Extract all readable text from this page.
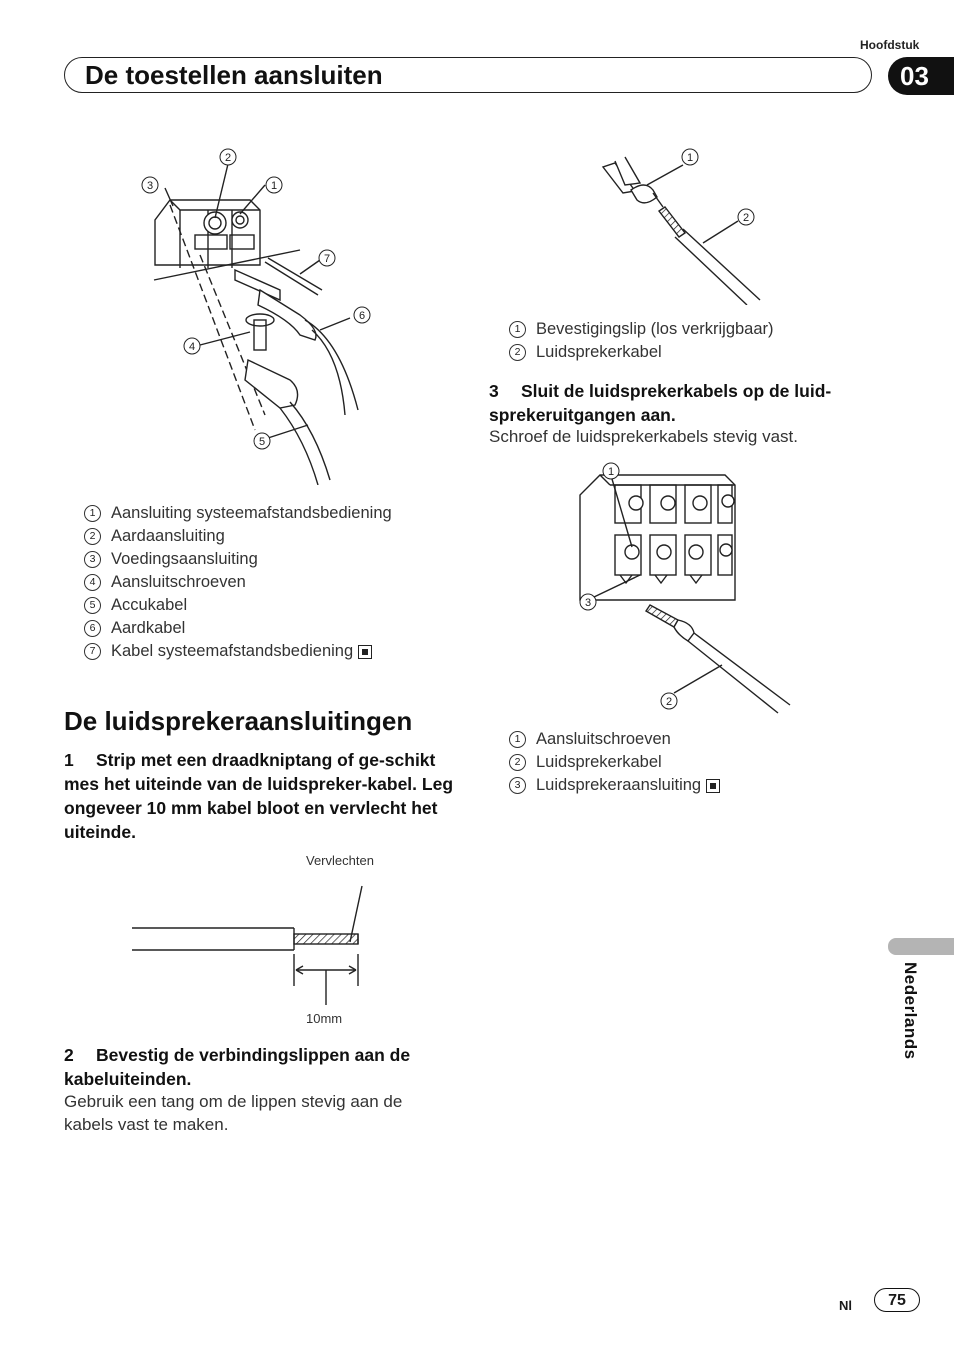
Hoofdstuk
De toestellen aansluiten	03
2
1
3
7
6
4
5
1 Aansluiting systeemafstandsbediening
2 Aardaansluiting
3 Voedingsaansluiting
4 Aansluitschroeven
5 Accukabel
6 Aardkabel
7 Kabel systeemafstandsbediening
De luidsprekeraansluitingen
1 Strip met een draadkniptang of ge-schikt mes het uiteinde van de luidspreker-kabel. Leg ongeveer 10 mm kabel bloot en vervlecht het uiteinde.
Vervlechten
10mm
2 Bevestig de verbindingslippen aan de kabeluiteinden.
Gebruik een tang om de lippen stevig aan de kabels vast te maken.
1
2
1 Bevestigingslip (los verkrijgbaar)
2 Luidsprekerkabel
3 Sluit de luidsprekerkabels op de luid-sprekeruitgangen aan.
Schroef de luidsprekerkabels stevig vast.
1
3
2
1 Aansluitschroeven
2 Luidsprekerkabel
3 Luidsprekeraansluiting
Nederlands
Nl	75
